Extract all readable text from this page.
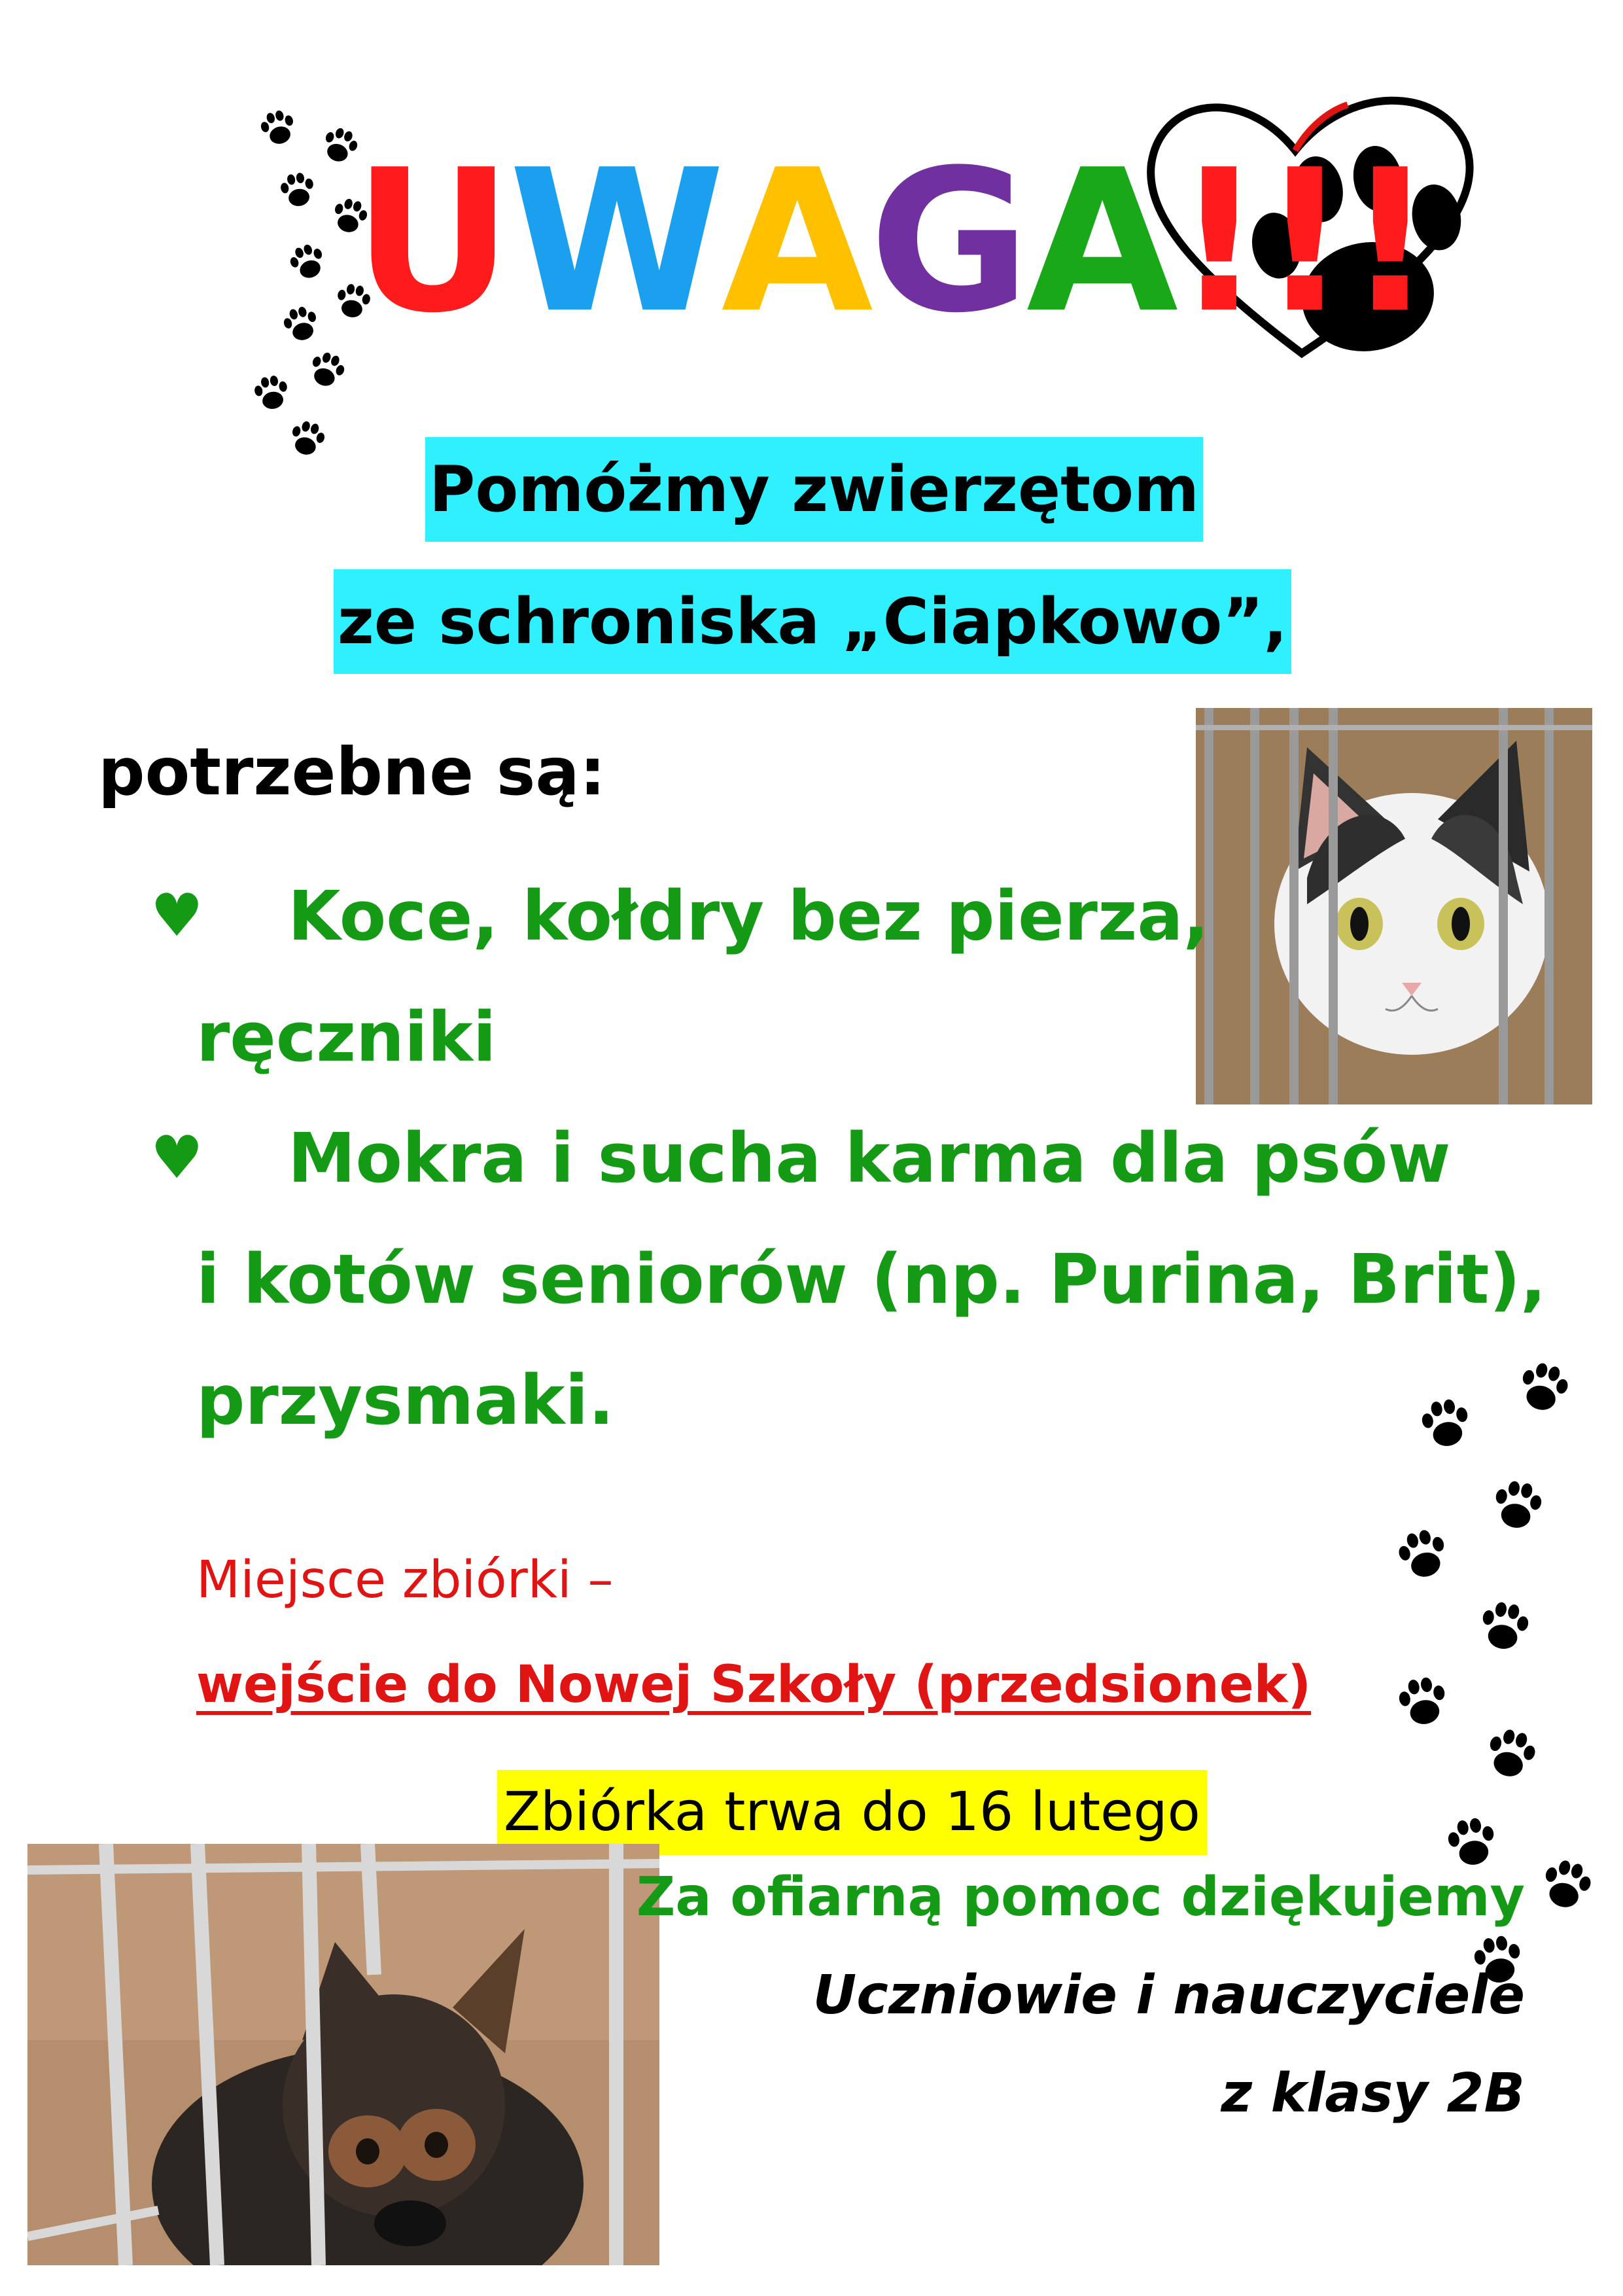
UWAGA!!!
Pomóżmy zwierzętom
ze schroniska „Ciapkowo”,
potrzebne są:
♥ Koce, kołdry bez pierza,
ręczniki
♥ Mokra i sucha karma dla psów
i kotów seniorów (np. Purina, Brit),
przysmaki.
Miejsce zbiórki –
wejście do Nowej Szkoły (przedsionek)
Zbiórka trwa do 16 lutego
Za ofiarną pomoc dziękujemy
Uczniowie i nauczyciele
z klasy 2B
